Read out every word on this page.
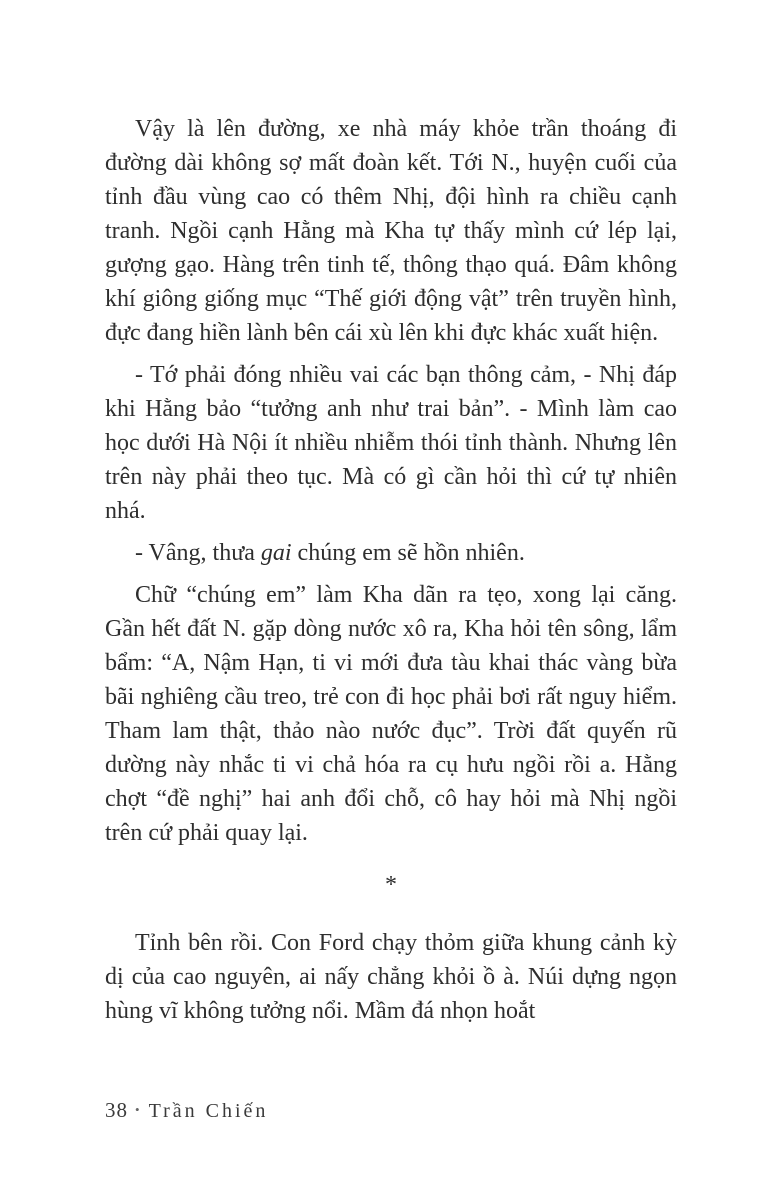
Vậy là lên đường, xe nhà máy khỏe trần thoáng đi đường dài không sợ mất đoàn kết. Tới N., huyện cuối của tỉnh đầu vùng cao có thêm Nhị, đội hình ra chiều cạnh tranh. Ngồi cạnh Hằng mà Kha tự thấy mình cứ lép lại, gượng gạo. Hàng trên tinh tế, thông thạo quá. Đâm không khí giông giống mục “Thế giới động vật” trên truyền hình, đực đang hiền lành bên cái xù lên khi đực khác xuất hiện.

- Tớ phải đóng nhiều vai các bạn thông cảm, - Nhị đáp khi Hằng bảo “tưởng anh như trai bản”. - Mình làm cao học dưới Hà Nội ít nhiều nhiễm thói tỉnh thành. Nhưng lên trên này phải theo tục. Mà có gì cần hỏi thì cứ tự nhiên nhá.

- Vâng, thưa gai chúng em sẽ hồn nhiên.

Chữ “chúng em” làm Kha dãn ra tẹo, xong lại căng. Gần hết đất N. gặp dòng nước xô ra, Kha hỏi tên sông, lẩm bẩm: “A, Nậm Hạn, ti vi mới đưa tàu khai thác vàng bừa bãi nghiêng cầu treo, trẻ con đi học phải bơi rất nguy hiểm. Tham lam thật, thảo nào nước đục”. Trời đất quyến rũ dường này nhắc ti vi chả hóa ra cụ hưu ngồi rồi a. Hằng chợt “đề nghị” hai anh đổi chỗ, cô hay hỏi mà Nhị ngồi trên cứ phải quay lại.

*

Tỉnh bên rồi. Con Ford chạy thỏm giữa khung cảnh kỳ dị của cao nguyên, ai nấy chẳng khỏi ồ à. Núi dựng ngọn hùng vĩ không tưởng nổi. Mầm đá nhọn hoắt

38 • Trần Chiến
